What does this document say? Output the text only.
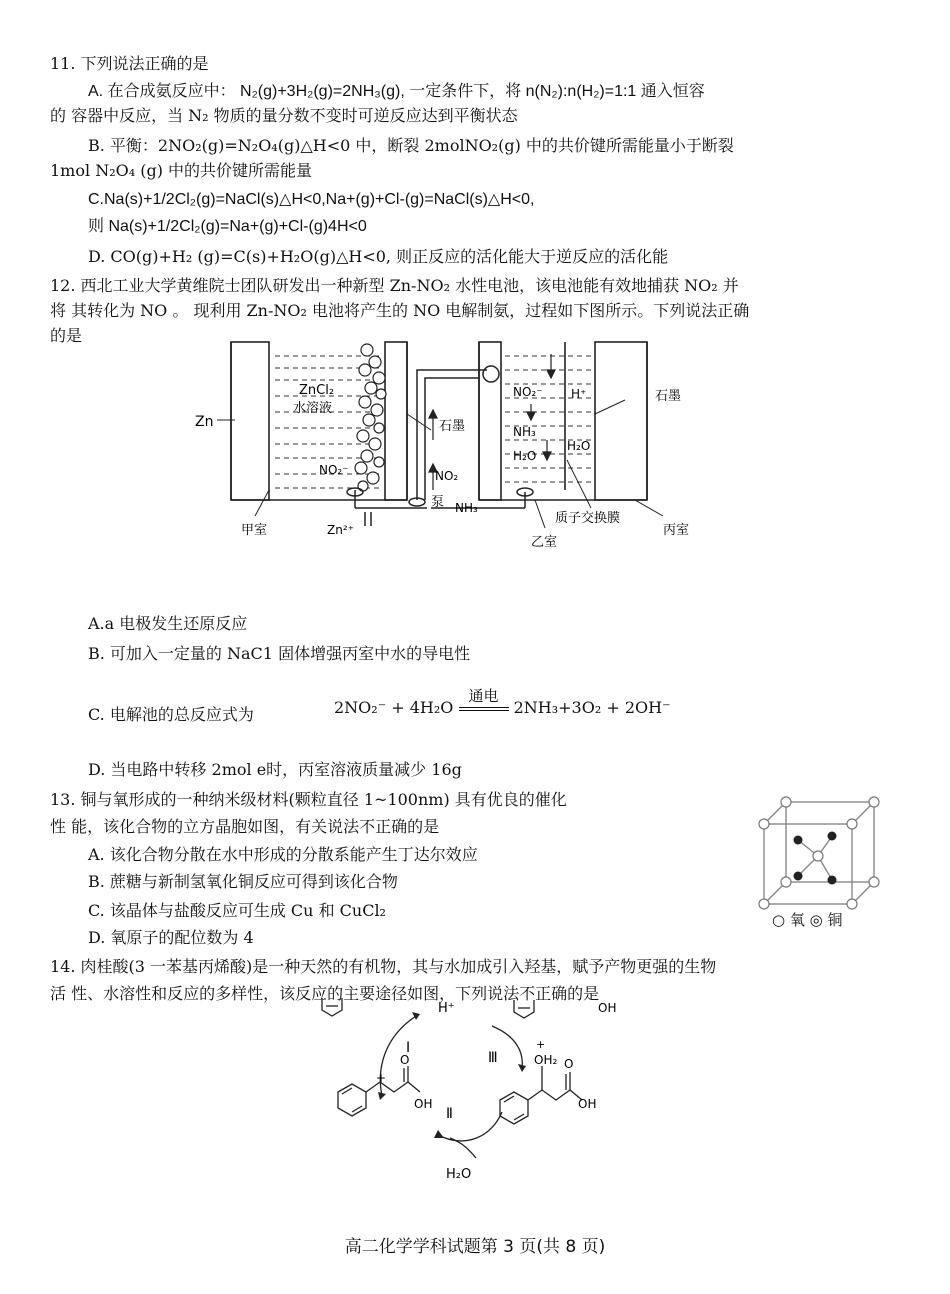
11. 下列说法正确的是
A. 在合成氨反应中： N₂(g)+3H₂(g)=2NH₃(g), 一定条件下，将 n(N₂):n(H₂)=1:1 通入恒容
的 容器中反应，当 N₂ 物质的量分数不变时可逆反应达到平衡状态
B. 平衡：2NO₂(g)=N₂O₄(g)△H<0 中，断裂 2molNO₂(g) 中的共价键所需能量小于断裂
1mol N₂O₄ (g) 中的共价键所需能量
C.Na(s)+1/2Cl₂(g)=NaCl(s)△H<0,Na+(g)+Cl-(g)=NaCl(s)△H<0,
则 Na(s)+1/2Cl₂(g)=Na+(g)+Cl-(g)4H<0
D. CO(g)+H₂ (g)=C(s)+H₂O(g)△H<0, 则正反应的活化能大于逆反应的活化能
12. 西北工业大学黄维院士团队研发出一种新型 Zn-NO₂ 水性电池，该电池能有效地捕获 NO₂ 并
将 其转化为 NO 。 现利用 Zn-NO₂ 电池将产生的 NO 电解制氨，过程如下图所示。下列说法正确
的是
Zn
ZnCl₂
水溶液
NO₂⁻
甲室	Zn²⁺
NO₂
泵 NH₃
石墨
NO₂⁻ H⁺
NH₃
H₂O
H₂O
石墨
质子交换膜
乙室
丙室
A.a 电极发生还原反应
B. 可加入一定量的 NaC1 固体增强丙室中水的导电性
C. 电解池的总反应式为	2NO₂⁻ + 4H₂O
通电
2NH₃+3O₂ + 2OH⁻
D. 当电路中转移 2mol e时，丙室溶液质量减少 16g
13. 铜与氧形成的一种纳米级材料(颗粒直径 1~100nm) 具有优良的催化
性 能，该化合物的立方晶胞如图，有关说法不正确的是
A. 该化合物分散在水中形成的分散系能产生丁达尔效应
B. 蔗糖与新制氢氧化铜反应可得到该化合物
C. 该晶体与盐酸反应可生成 Cu 和 CuCl₂
D. 氧原子的配位数为 4
○ 氧 ◎ 铜
14. 肉桂酸(3 一苯基丙烯酸)是一种天然的有机物，其与水加成引入羟基，赋予产物更强的生物
活 性、水溶性和反应的多样性，该反应的主要途径如图，下列说法不正确的是
H⁺
Ⅰ
Ⅲ
Ⅱ
OH
+
O
OH
OH₂
+
O
OH
H₂O
高二化学学科试题第 3 页(共 8 页)
